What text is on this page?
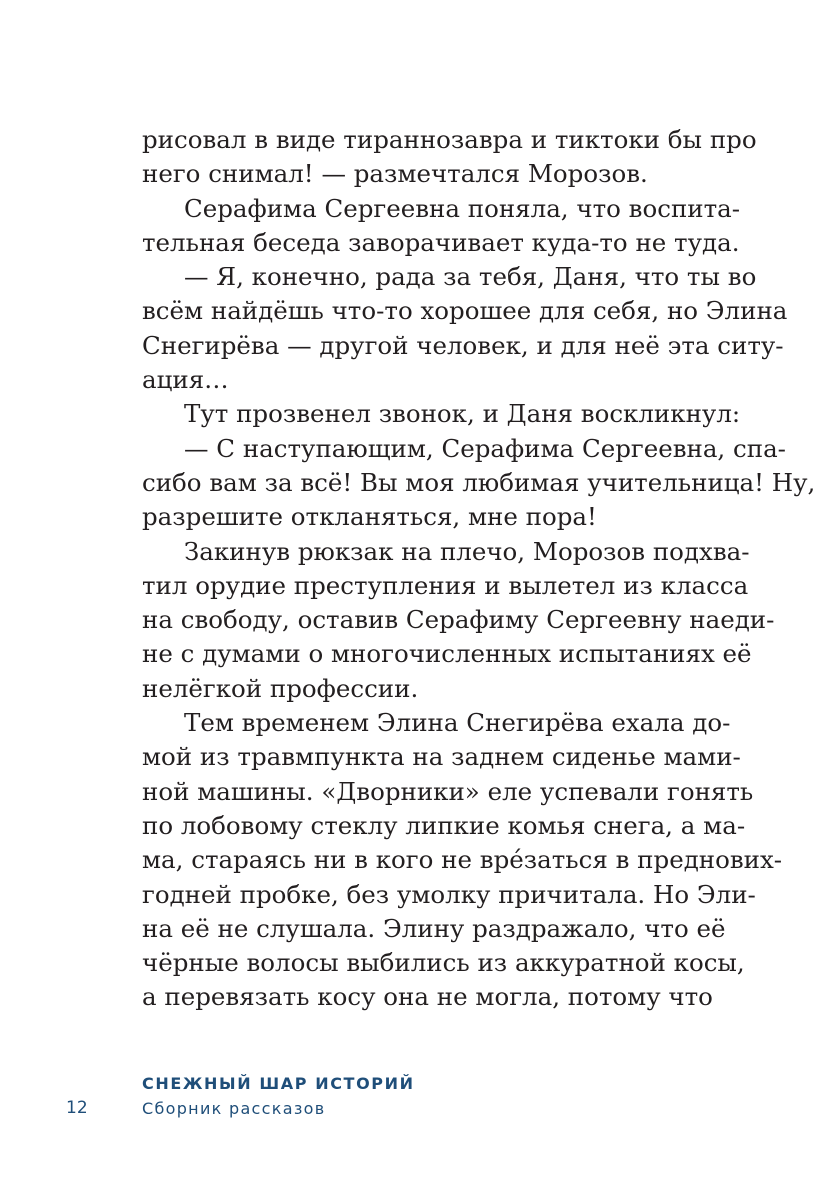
рисовал в виде тираннозавра и тиктоки бы про
него снимал! — размечтался Морозов.
Серафима Сергеевна поняла, что воспита-
тельная беседа заворачивает куда-то не туда.
— Я, конечно, рада за тебя, Даня, что ты во
всём найдёшь что-то хорошее для себя, но Элина
Снегирёва — другой человек, и для неё эта ситу-
ация…
Тут прозвенел звонок, и Даня воскликнул:
— С наступающим, Серафима Сергеевна, спа-
сибо вам за всё! Вы моя любимая учительница! Ну,
разрешите откланяться, мне пора!
Закинув рюкзак на плечо, Морозов подхва-
тил орудие преступления и вылетел из класса
на свободу, оставив Серафиму Сергеевну наеди-
не с думами о многочисленных испытаниях её
нелёгкой профессии.
Тем временем Элина Снегирёва ехала до-
мой из травмпункта на заднем сиденье мами-
ной машины. «Дворники» еле успевали гонять
по лобовому стеклу липкие комья снега, а ма-
ма, стараясь ни в кого не вре́заться в преднових-
годней пробке, без умолку причитала. Но Эли-
на её не слушала. Элину раздражало, что её
чёрные волосы выбились из аккуратной косы,
а перевязать косу она не могла, потому что
СНЕЖНЫЙ ШАР ИСТОРИЙ
Сборник рассказов
12
